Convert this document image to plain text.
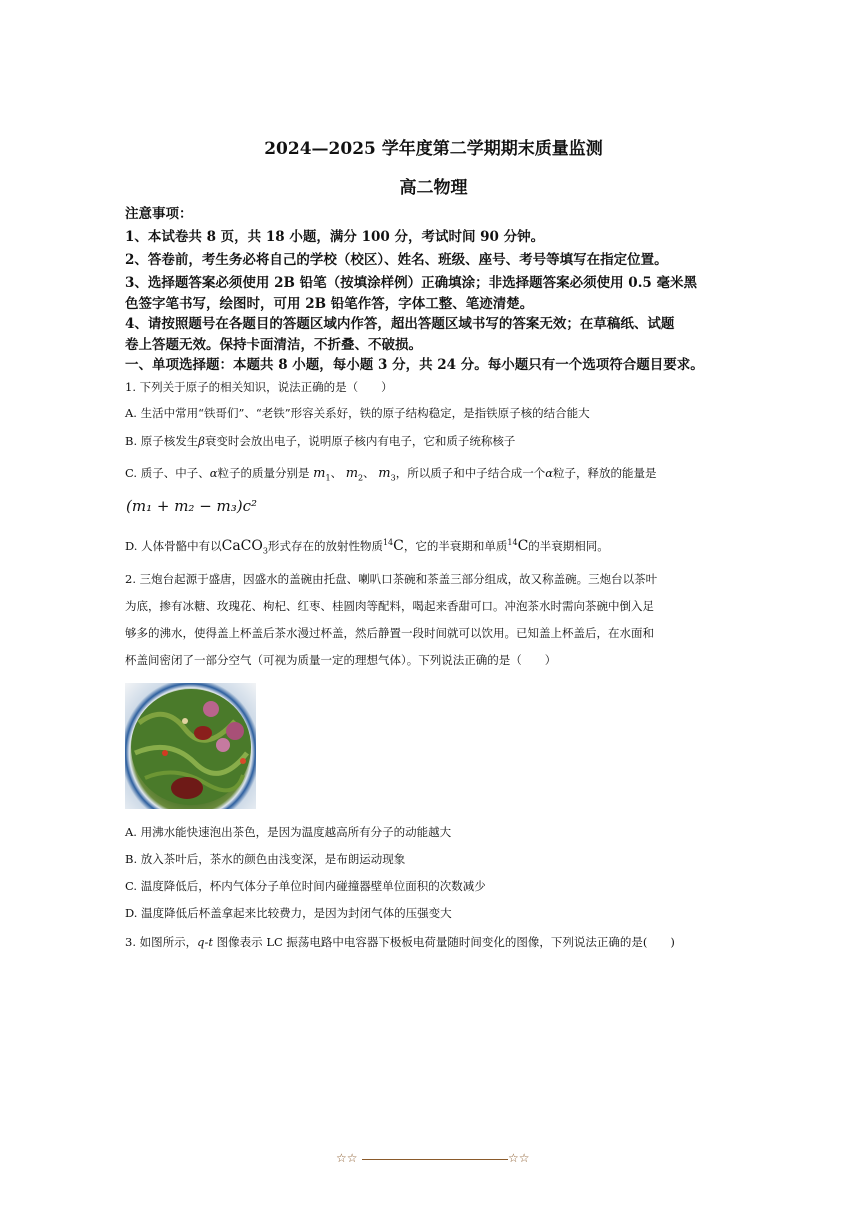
2024—2025 学年度第二学期期末质量监测
高二物理
注意事项：
1、本试卷共 8 页，共 18 小题，满分 100 分，考试时间 90 分钟。
2、答卷前，考生务必将自己的学校（校区）、姓名、班级、座号、考号等填写在指定位置。
3、选择题答案必须使用 2B 铅笔（按填涂样例）正确填涂；非选择题答案必须使用 0.5 毫米黑
色签字笔书写，绘图时，可用 2B 铅笔作答，字体工整、笔迹清楚。
4、请按照题号在各题目的答题区域内作答，超出答题区域书写的答案无效；在草稿纸、试题
卷上答题无效。保持卡面清洁，不折叠、不破损。
一、单项选择题：本题共 8 小题，每小题 3 分，共 24 分。每小题只有一个选项符合题目要求。
1. 下列关于原子的相关知识，说法正确的是（　　）
A. 生活中常用“铁哥们”、“老铁”形容关系好，铁的原子结构稳定，是指铁原子核的结合能大
B. 原子核发生β衰变时会放出电子，说明原子核内有电子，它和质子统称核子
C. 质子、中子、α粒子的质量分别是 $m_1$、 $m_2$、 $m_3$，所以质子和中子结合成一个α粒子，释放的能量是
(m₁ + m₂ − m₃)c²
D. 人体骨骼中有以CaCO$_3$形式存在的放射性物质$^{14}$C，它的半衰期和单质$^{14}$C的半衰期相同。
2. 三炮台起源于盛唐，因盛水的盖碗由托盘、喇叭口茶碗和茶盖三部分组成，故又称盖碗。三炮台以茶叶
为底，掺有冰糖、玫瑰花、枸杞、红枣、桂圆肉等配料，喝起来香甜可口。冲泡茶水时需向茶碗中倒入足
够多的沸水，使得盖上杯盖后茶水漫过杯盖，然后静置一段时间就可以饮用。已知盖上杯盖后，在水面和
杯盖间密闭了一部分空气（可视为质量一定的理想气体）。下列说法正确的是（　　）
A. 用沸水能快速泡出茶色，是因为温度越高所有分子的动能越大
B. 放入茶叶后，茶水的颜色由浅变深，是布朗运动现象
C. 温度降低后，杯内气体分子单位时间内碰撞器壁单位面积的次数减少
D. 温度降低后杯盖拿起来比较费力，是因为封闭气体的压强变大
3. 如图所示，q-t 图像表示 LC 振荡电路中电容器下极板电荷量随时间变化的图像，下列说法正确的是(　　)
☆☆	☆☆
